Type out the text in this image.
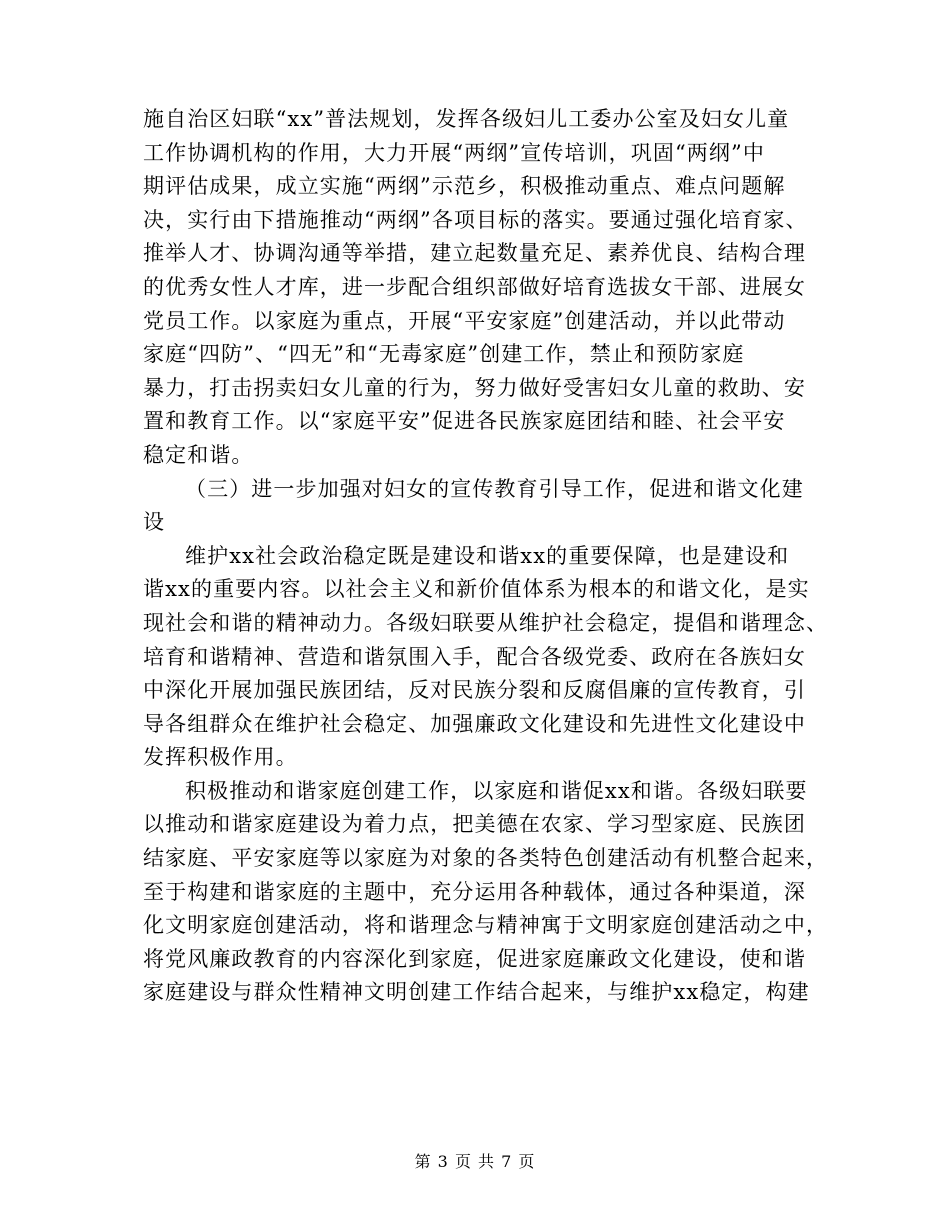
施自治区妇联“xx”普法规划，发挥各级妇儿工委办公室及妇女儿童
工作协调机构的作用，大力开展“两纲”宣传培训，巩固“两纲”中
期评估成果，成立实施“两纲”示范乡，积极推动重点、难点问题解
决，实行由下措施推动“两纲”各项目标的落实。要通过强化培育家、
推举人才、协调沟通等举措，建立起数量充足、素养优良、结构合理
的优秀女性人才库，进一步配合组织部做好培育选拔女干部、进展女
党员工作。以家庭为重点，开展“平安家庭”创建活动，并以此带动
家庭“四防”、“四无”和“无毒家庭”创建工作，禁止和预防家庭
暴力，打击拐卖妇女儿童的行为，努力做好受害妇女儿童的救助、安
置和教育工作。以“家庭平安”促进各民族家庭团结和睦、社会平安
稳定和谐。
（三）进一步加强对妇女的宣传教育引导工作，促进和谐文化建
设
维护xx社会政治稳定既是建设和谐xx的重要保障，也是建设和
谐xx的重要内容。以社会主义和新价值体系为根本的和谐文化，是实
现社会和谐的精神动力。各级妇联要从维护社会稳定，提倡和谐理念、
培育和谐精神、营造和谐氛围入手，配合各级党委、政府在各族妇女
中深化开展加强民族团结，反对民族分裂和反腐倡廉的宣传教育，引
导各组群众在维护社会稳定、加强廉政文化建设和先进性文化建设中
发挥积极作用。
积极推动和谐家庭创建工作，以家庭和谐促xx和谐。各级妇联要
以推动和谐家庭建设为着力点，把美德在农家、学习型家庭、民族团
结家庭、平安家庭等以家庭为对象的各类特色创建活动有机整合起来，
至于构建和谐家庭的主题中，充分运用各种载体，通过各种渠道，深
化文明家庭创建活动，将和谐理念与精神寓于文明家庭创建活动之中，
将党风廉政教育的内容深化到家庭，促进家庭廉政文化建设，使和谐
家庭建设与群众性精神文明创建工作结合起来，与维护xx稳定，构建
第 3 页 共 7 页
